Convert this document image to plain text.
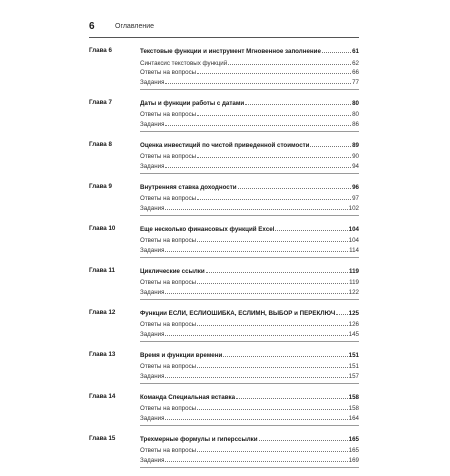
6	Оглавление
Глава 6	Текстовые функции и инструмент Мгновенное заполнение	61
Синтаксис текстовых функций	62
Ответы на вопросы	66
Задания	77
Глава 7	Даты и функции работы с датами	80
Ответы на вопросы	80
Задания	86
Глава 8	Оценка инвестиций по чистой приведенной стоимости	89
Ответы на вопросы	90
Задания	94
Глава 9	Внутренняя ставка доходности	96
Ответы на вопросы	97
Задания	102
Глава 10	Еще несколько финансовых функций Excel	104
Ответы на вопросы	104
Задания	114
Глава 11	Циклические ссылки	119
Ответы на вопросы	119
Задания	122
Глава 12	Функции ЕСЛИ, ЕСЛИОШИБКА, ЕСЛИМН, ВЫБОР и ПЕРЕКЛЮЧ 125
Ответы на вопросы	126
Задания	145
Глава 13	Время и функции времени	151
Ответы на вопросы	151
Задания	157
Глава 14	Команда Специальная вставка	158
Ответы на вопросы	158
Задания	164
Глава 15	Трехмерные формулы и гиперссылки	165
Ответы на вопросы	165
Задания	169
